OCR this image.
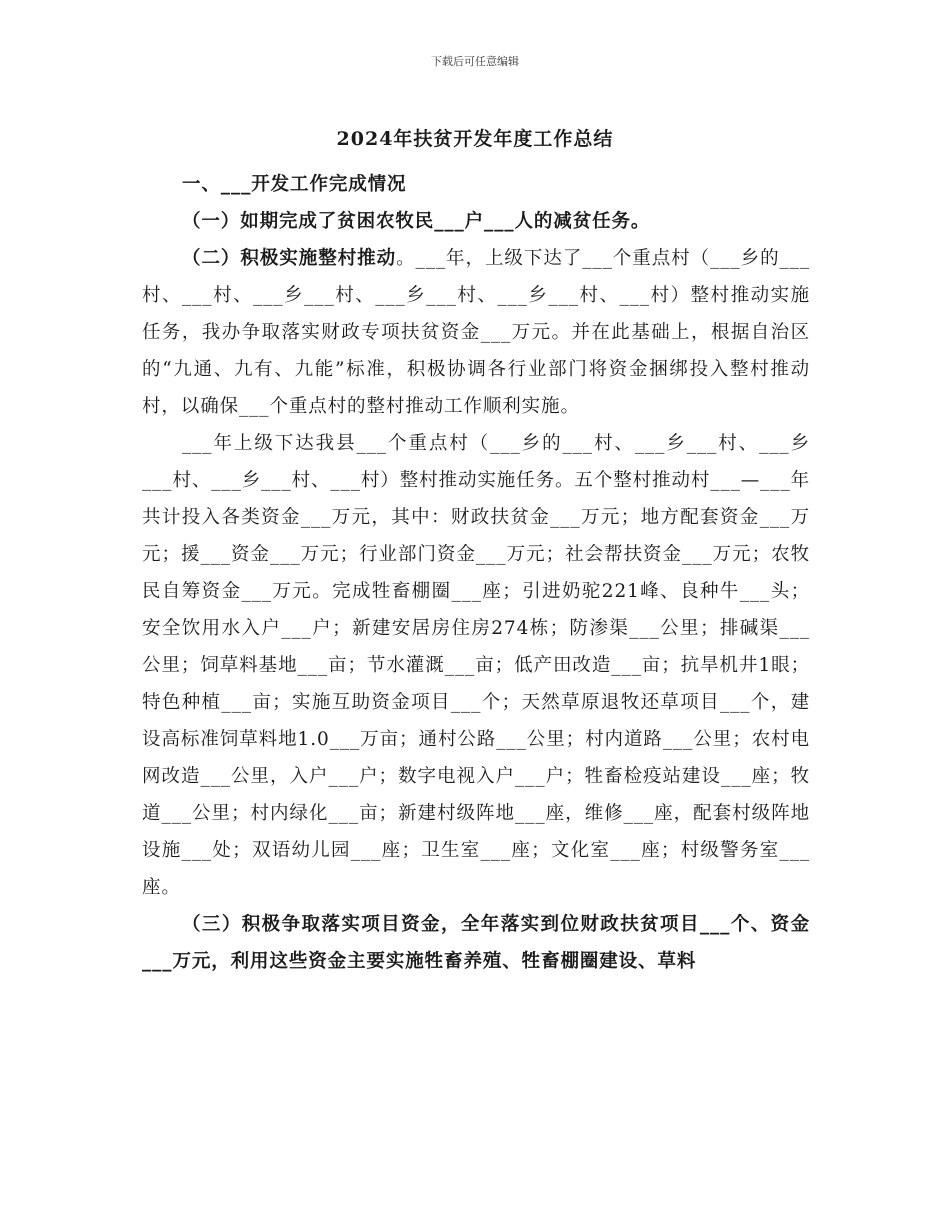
下载后可任意编辑
2024年扶贫开发年度工作总结

一、___开发工作完成情况

（一）如期完成了贫困农牧民___户___人的减贫任务。

（二）积极实施整村推动。___年，上级下达了___个重点村（___乡的___村、___村、___乡___村、___乡___村、___乡___村、___村）整村推动实施任务，我办争取落实财政专项扶贫资金___万元。并在此基础上，根据自治区的“九通、九有、九能”标准，积极协调各行业部门将资金捆绑投入整村推动村，以确保___个重点村的整村推动工作顺利实施。

___年上级下达我县___个重点村（___乡的___村、___乡___村、___乡___村、___乡___村、___村）整村推动实施任务。五个整村推动村___—___年共计投入各类资金___万元，其中：财政扶贫金___万元；地方配套资金___万元；援___资金___万元；行业部门资金___万元；社会帮扶资金___万元；农牧民自筹资金___万元。完成牲畜棚圈___座；引进奶驼221峰、良种牛___头；安全饮用水入户___户；新建安居房住房274栋；防渗渠___公里；排碱渠___公里；饲草料基地___亩；节水灌溉___亩；低产田改造___亩；抗旱机井1眼；特色种植___亩；实施互助资金项目___个；天然草原退牧还草项目___个，建设高标准饲草料地1.0___万亩；通村公路___公里；村内道路___公里；农村电网改造___公里，入户___户；数字电视入户___户；牲畜检疫站建设___座；牧道___公里；村内绿化___亩；新建村级阵地___座，维修___座，配套村级阵地设施___处；双语幼儿园___座；卫生室___座；文化室___座；村级警务室___座。

（三）积极争取落实项目资金，全年落实到位财政扶贫项目___个、资金___万元，利用这些资金主要实施牲畜养殖、牲畜棚圈建设、草料
